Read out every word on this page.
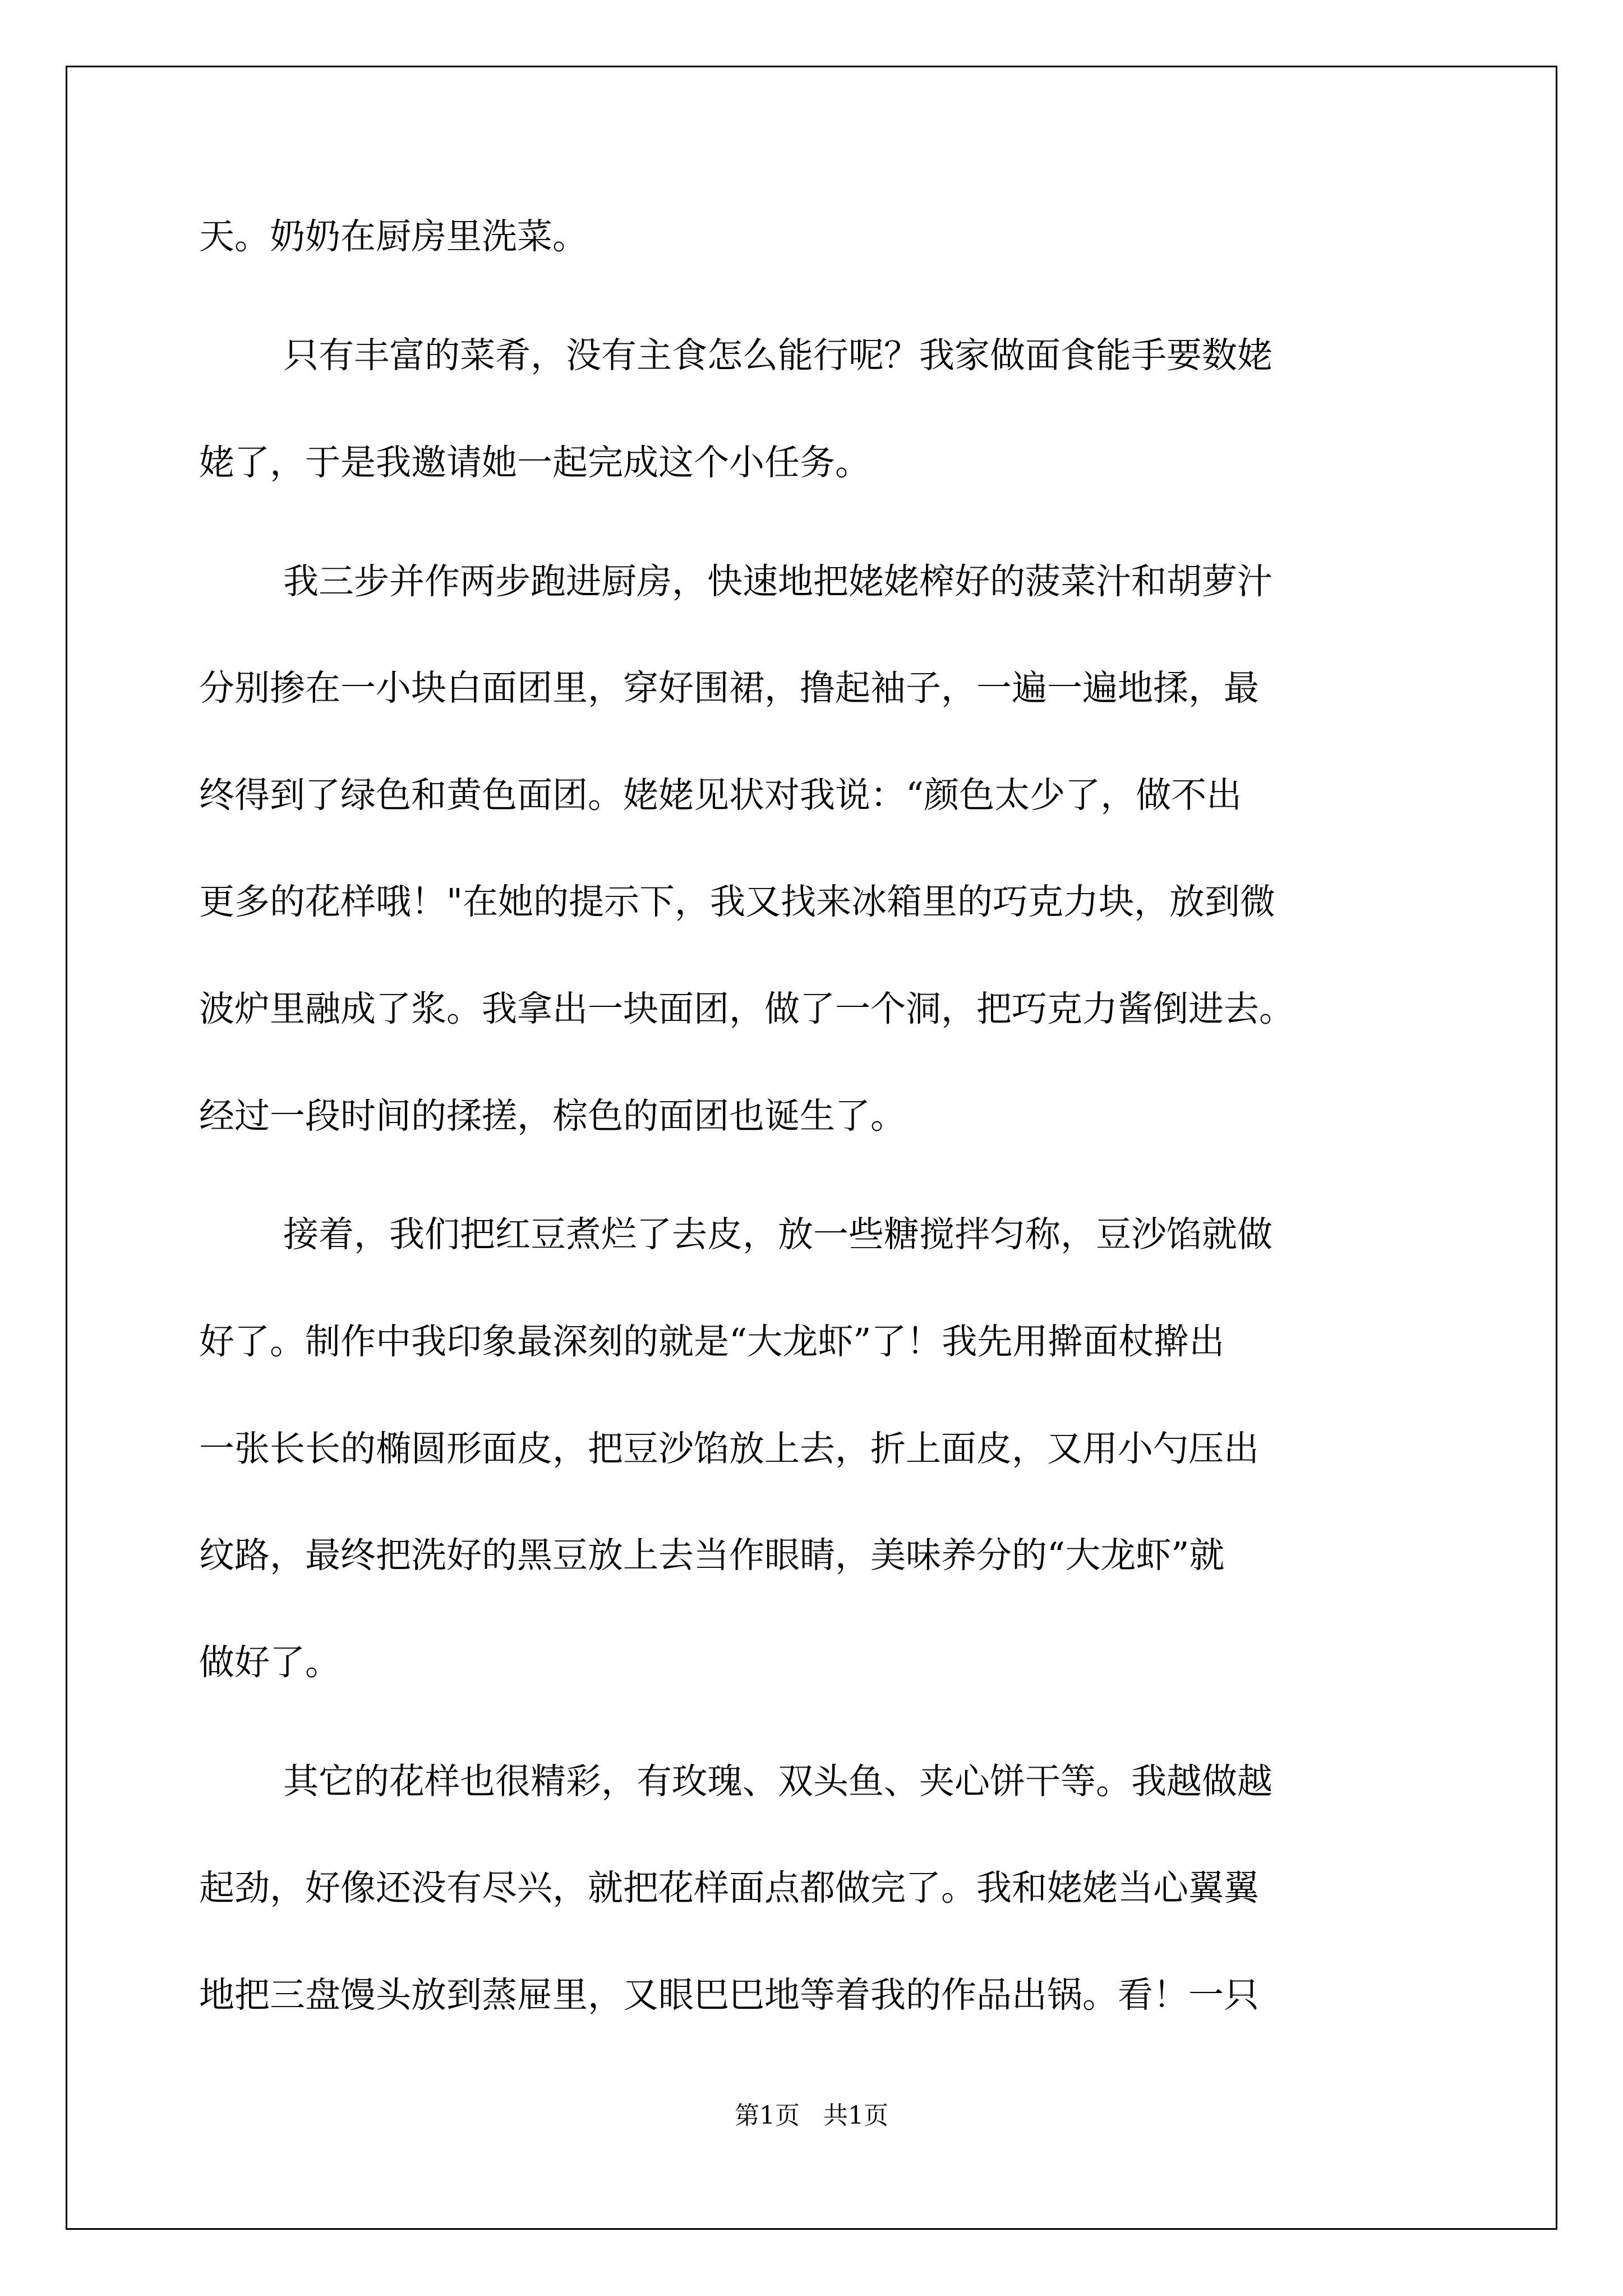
天。奶奶在厨房里洗菜。

只有丰富的菜肴，没有主食怎么能行呢？我家做面食能手要数姥

姥了，于是我邀请她一起完成这个小任务。

我三步并作两步跑进厨房，快速地把姥姥榨好的菠菜汁和胡萝汁

分别掺在一小块白面团里，穿好围裙，撸起袖子，一遍一遍地揉，最

终得到了绿色和黄色面团。姥姥见状对我说：“颜色太少了，做不出

更多的花样哦！"在她的提示下，我又找来冰箱里的巧克力块，放到微

波炉里融成了浆。我拿出一块面团，做了一个洞，把巧克力酱倒进去。

经过一段时间的揉搓，棕色的面团也诞生了。

接着，我们把红豆煮烂了去皮，放一些糖搅拌匀称，豆沙馅就做

好了。制作中我印象最深刻的就是“大龙虾”了！我先用擀面杖擀出

一张长长的椭圆形面皮，把豆沙馅放上去，折上面皮，又用小勺压出

纹路，最终把洗好的黑豆放上去当作眼睛，美味养分的“大龙虾”就

做好了。

其它的花样也很精彩，有玫瑰、双头鱼、夹心饼干等。我越做越

起劲，好像还没有尽兴，就把花样面点都做完了。我和姥姥当心翼翼

地把三盘馒头放到蒸屉里，又眼巴巴地等着我的作品出锅。看！一只

第1页   共1页
